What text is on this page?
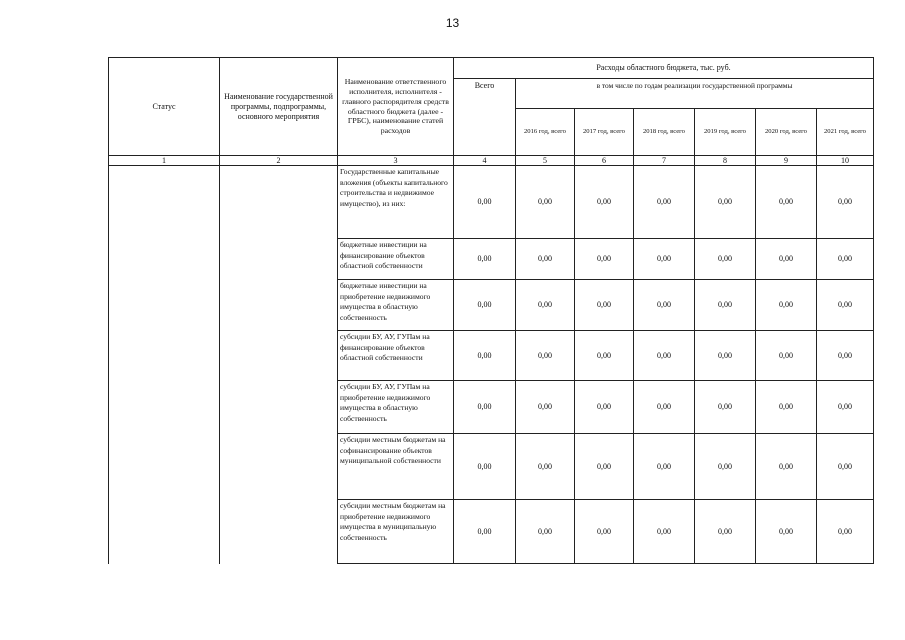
13
Статус	Наименование государственной программы, подпрограммы, основного мероприятия	Наименование ответственного исполнителя, исполнителя - главного распорядителя средств областного бюджета (далее - ГРБС), наименование статей расходов	Расходы областного бюджета, тыс. руб.						
			Всего	в том числе по годам реализации государственной программы					
				2016 год, всего	2017 год, всего	2018 год, всего	2019 год, всего	2020 год, всего	2021 год, всего
1	2	3	4	5	6	7	8	9	10
		Государственные капитальные вложения (объекты капитального строительства и недвижимое имущество), из них:	0,00	0,00	0,00	0,00	0,00	0,00	0,00
		бюджетные инвестиции на финансирование объектов областной собственности	0,00	0,00	0,00	0,00	0,00	0,00	0,00
		бюджетные инвестиции на приобретение недвижимого имущества в областную собственность	0,00	0,00	0,00	0,00	0,00	0,00	0,00
		субсидии БУ, АУ, ГУПам на финансирование объектов областной собственности	0,00	0,00	0,00	0,00	0,00	0,00	0,00
		субсидии БУ, АУ, ГУПам на приобретение недвижимого имущества в областную собственность	0,00	0,00	0,00	0,00	0,00	0,00	0,00
		субсидии местным бюджетам на софинансирование объектов муниципальной собственности	0,00	0,00	0,00	0,00	0,00	0,00	0,00
		субсидии местным бюджетам на приобретение недвижимого имущества в муниципальную собственность	0,00	0,00	0,00	0,00	0,00	0,00	0,00
